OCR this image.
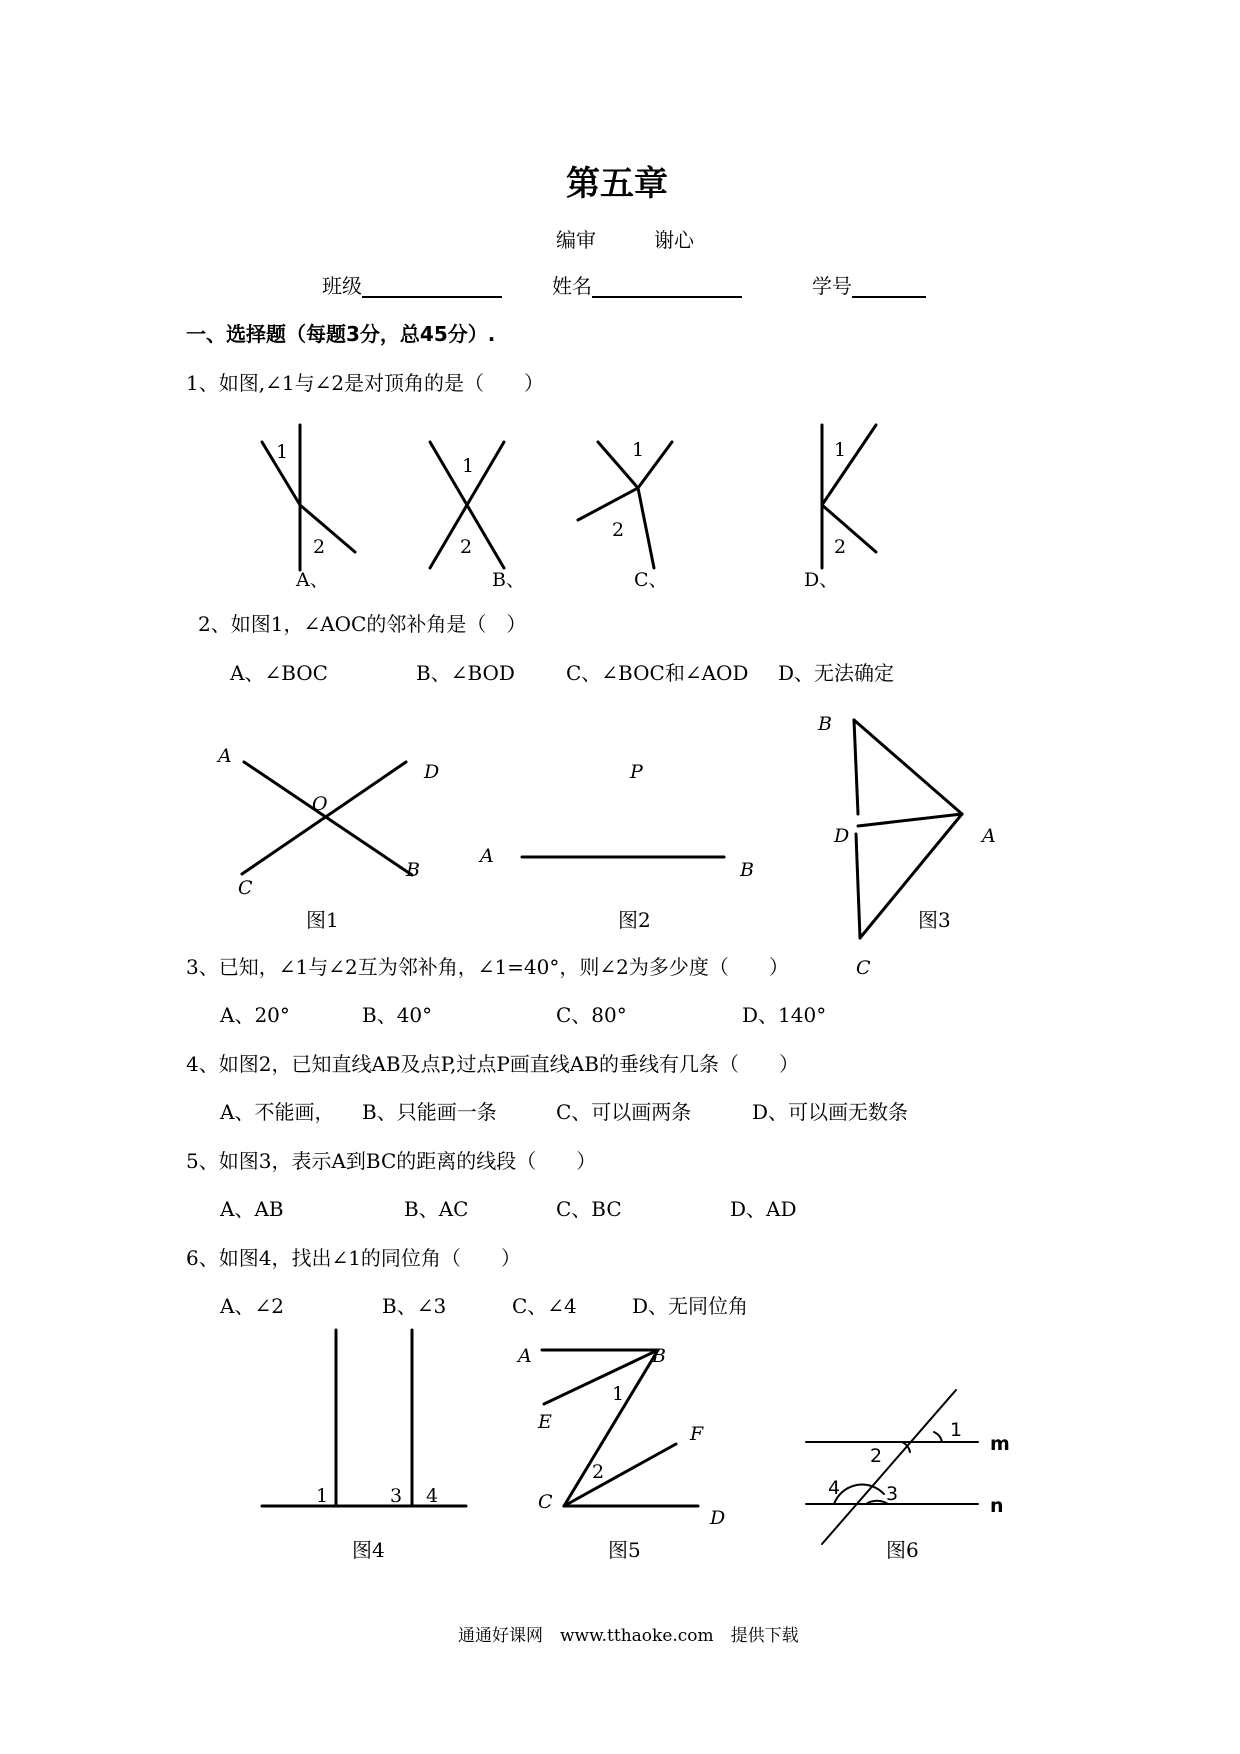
第五章
编审	谢心
班级	姓名	学号
一、选择题（每题3分，总45分）.
1、如图,∠1与∠2是对顶角的是（　　）
2、如图1，∠AOC的邻补角是（　）
A、∠BOC	B、∠BOD	C、∠BOC和∠AOD D、无法确定
3、已知，∠1与∠2互为邻补角，∠1=40°，则∠2为多少度（　　）
A、20°	B、40°	C、80°	D、140°
4、如图2，已知直线AB及点P,过点P画直线AB的垂线有几条（　　）
A、不能画， B、只能画一条	C、可以画两条	D、可以画无数条
5、如图3，表示A到BC的距离的线段（　　）
A、AB	B、AC	C、BC	D、AD
6、如图4，找出∠1的同位角（　　）
A、∠2	B、∠3	C、∠4	D、无同位角
图1	图2	图3
图4	图5	图6
通通好课网　www.tthaoke.com　提供下载
1
2
A、
1
2
B、
1
2
C、
1
2
D、
A
D
O
C
B
P
A
B
B
D	A
C
1	3 4
A	B
E
1
F
2
C
D
1
m
2
4 3
n
